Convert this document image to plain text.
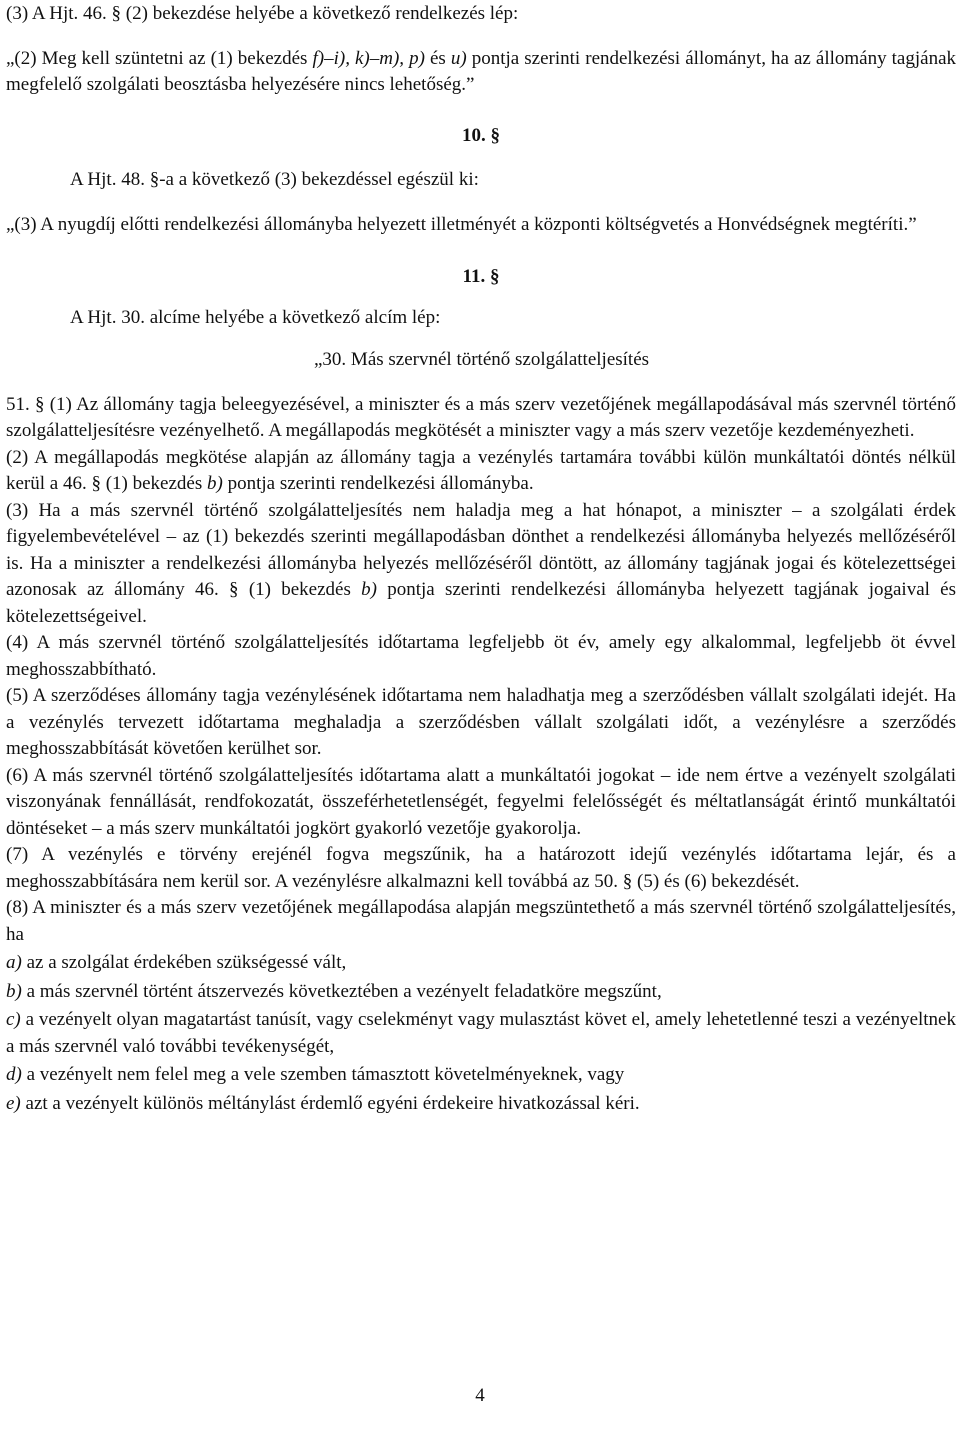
(3) A Hjt. 46. § (2) bekezdése helyébe a következő rendelkezés lép:

„(2) Meg kell szüntetni az (1) bekezdés f)–i), k)–m), p) és u) pontja szerinti rendelkezési állományt, ha az állomány tagjának megfelelő szolgálati beosztásba helyezésére nincs lehetőség.”

10. §

A Hjt. 48. §-a a következő (3) bekezdéssel egészül ki:

„(3) A nyugdíj előtti rendelkezési állományba helyezett illetményét a központi költségvetés a Honvédségnek megtéríti.”

11. §

A Hjt. 30. alcíme helyébe a következő alcím lép:

„30. Más szervnél történő szolgálatteljesítés

51. § (1) Az állomány tagja beleegyezésével, a miniszter és a más szerv vezetőjének megállapodásával más szervnél történő szolgálatteljesítésre vezényelhető. A megállapodás megkötését a miniszter vagy a más szerv vezetője kezdeményezheti.

(2) A megállapodás megkötése alapján az állomány tagja a vezénylés tartamára további külön munkáltatói döntés nélkül kerül a 46. § (1) bekezdés b) pontja szerinti rendelkezési állományba.

(3) Ha a más szervnél történő szolgálatteljesítés nem haladja meg a hat hónapot, a miniszter – a szolgálati érdek figyelembevételével – az (1) bekezdés szerinti megállapodásban dönthet a rendelkezési állományba helyezés mellőzéséről is. Ha a miniszter a rendelkezési állományba helyezés mellőzéséről döntött, az állomány tagjának jogai és kötelezettségei azonosak az állomány 46. § (1) bekezdés b) pontja szerinti rendelkezési állományba helyezett tagjának jogaival és kötelezettségeivel.

(4) A más szervnél történő szolgálatteljesítés időtartama legfeljebb öt év, amely egy alkalommal, legfeljebb öt évvel meghosszabbítható.

(5) A szerződéses állomány tagja vezénylésének időtartama nem haladhatja meg a szerződésben vállalt szolgálati idejét. Ha a vezénylés tervezett időtartama meghaladja a szerződésben vállalt szolgálati időt, a vezénylésre a szerződés meghosszabbítását követően kerülhet sor.

(6) A más szervnél történő szolgálatteljesítés időtartama alatt a munkáltatói jogokat – ide nem értve a vezényelt szolgálati viszonyának fennállását, rendfokozatát, összeférhetetlenségét, fegyelmi felelősségét és méltatlanságát érintő munkáltatói döntéseket – a más szerv munkáltatói jogkört gyakorló vezetője gyakorolja.

(7) A vezénylés e törvény erejénél fogva megszűnik, ha a határozott idejű vezénylés időtartama lejár, és a meghosszabbítására nem kerül sor. A vezénylésre alkalmazni kell továbbá az 50. § (5) és (6) bekezdését.

(8) A miniszter és a más szerv vezetőjének megállapodása alapján megszüntethető a más szervnél történő szolgálatteljesítés, ha

a) az a szolgálat érdekében szükségessé vált,

b) a más szervnél történt átszervezés következtében a vezényelt feladatköre megszűnt,

c) a vezényelt olyan magatartást tanúsít, vagy cselekményt vagy mulasztást követ el, amely lehetetlenné teszi a vezényeltnek a más szervnél való további tevékenységét,

d) a vezényelt nem felel meg a vele szemben támasztott követelményeknek, vagy

e) azt a vezényelt különös méltánylást érdemlő egyéni érdekeire hivatkozással kéri.

4
